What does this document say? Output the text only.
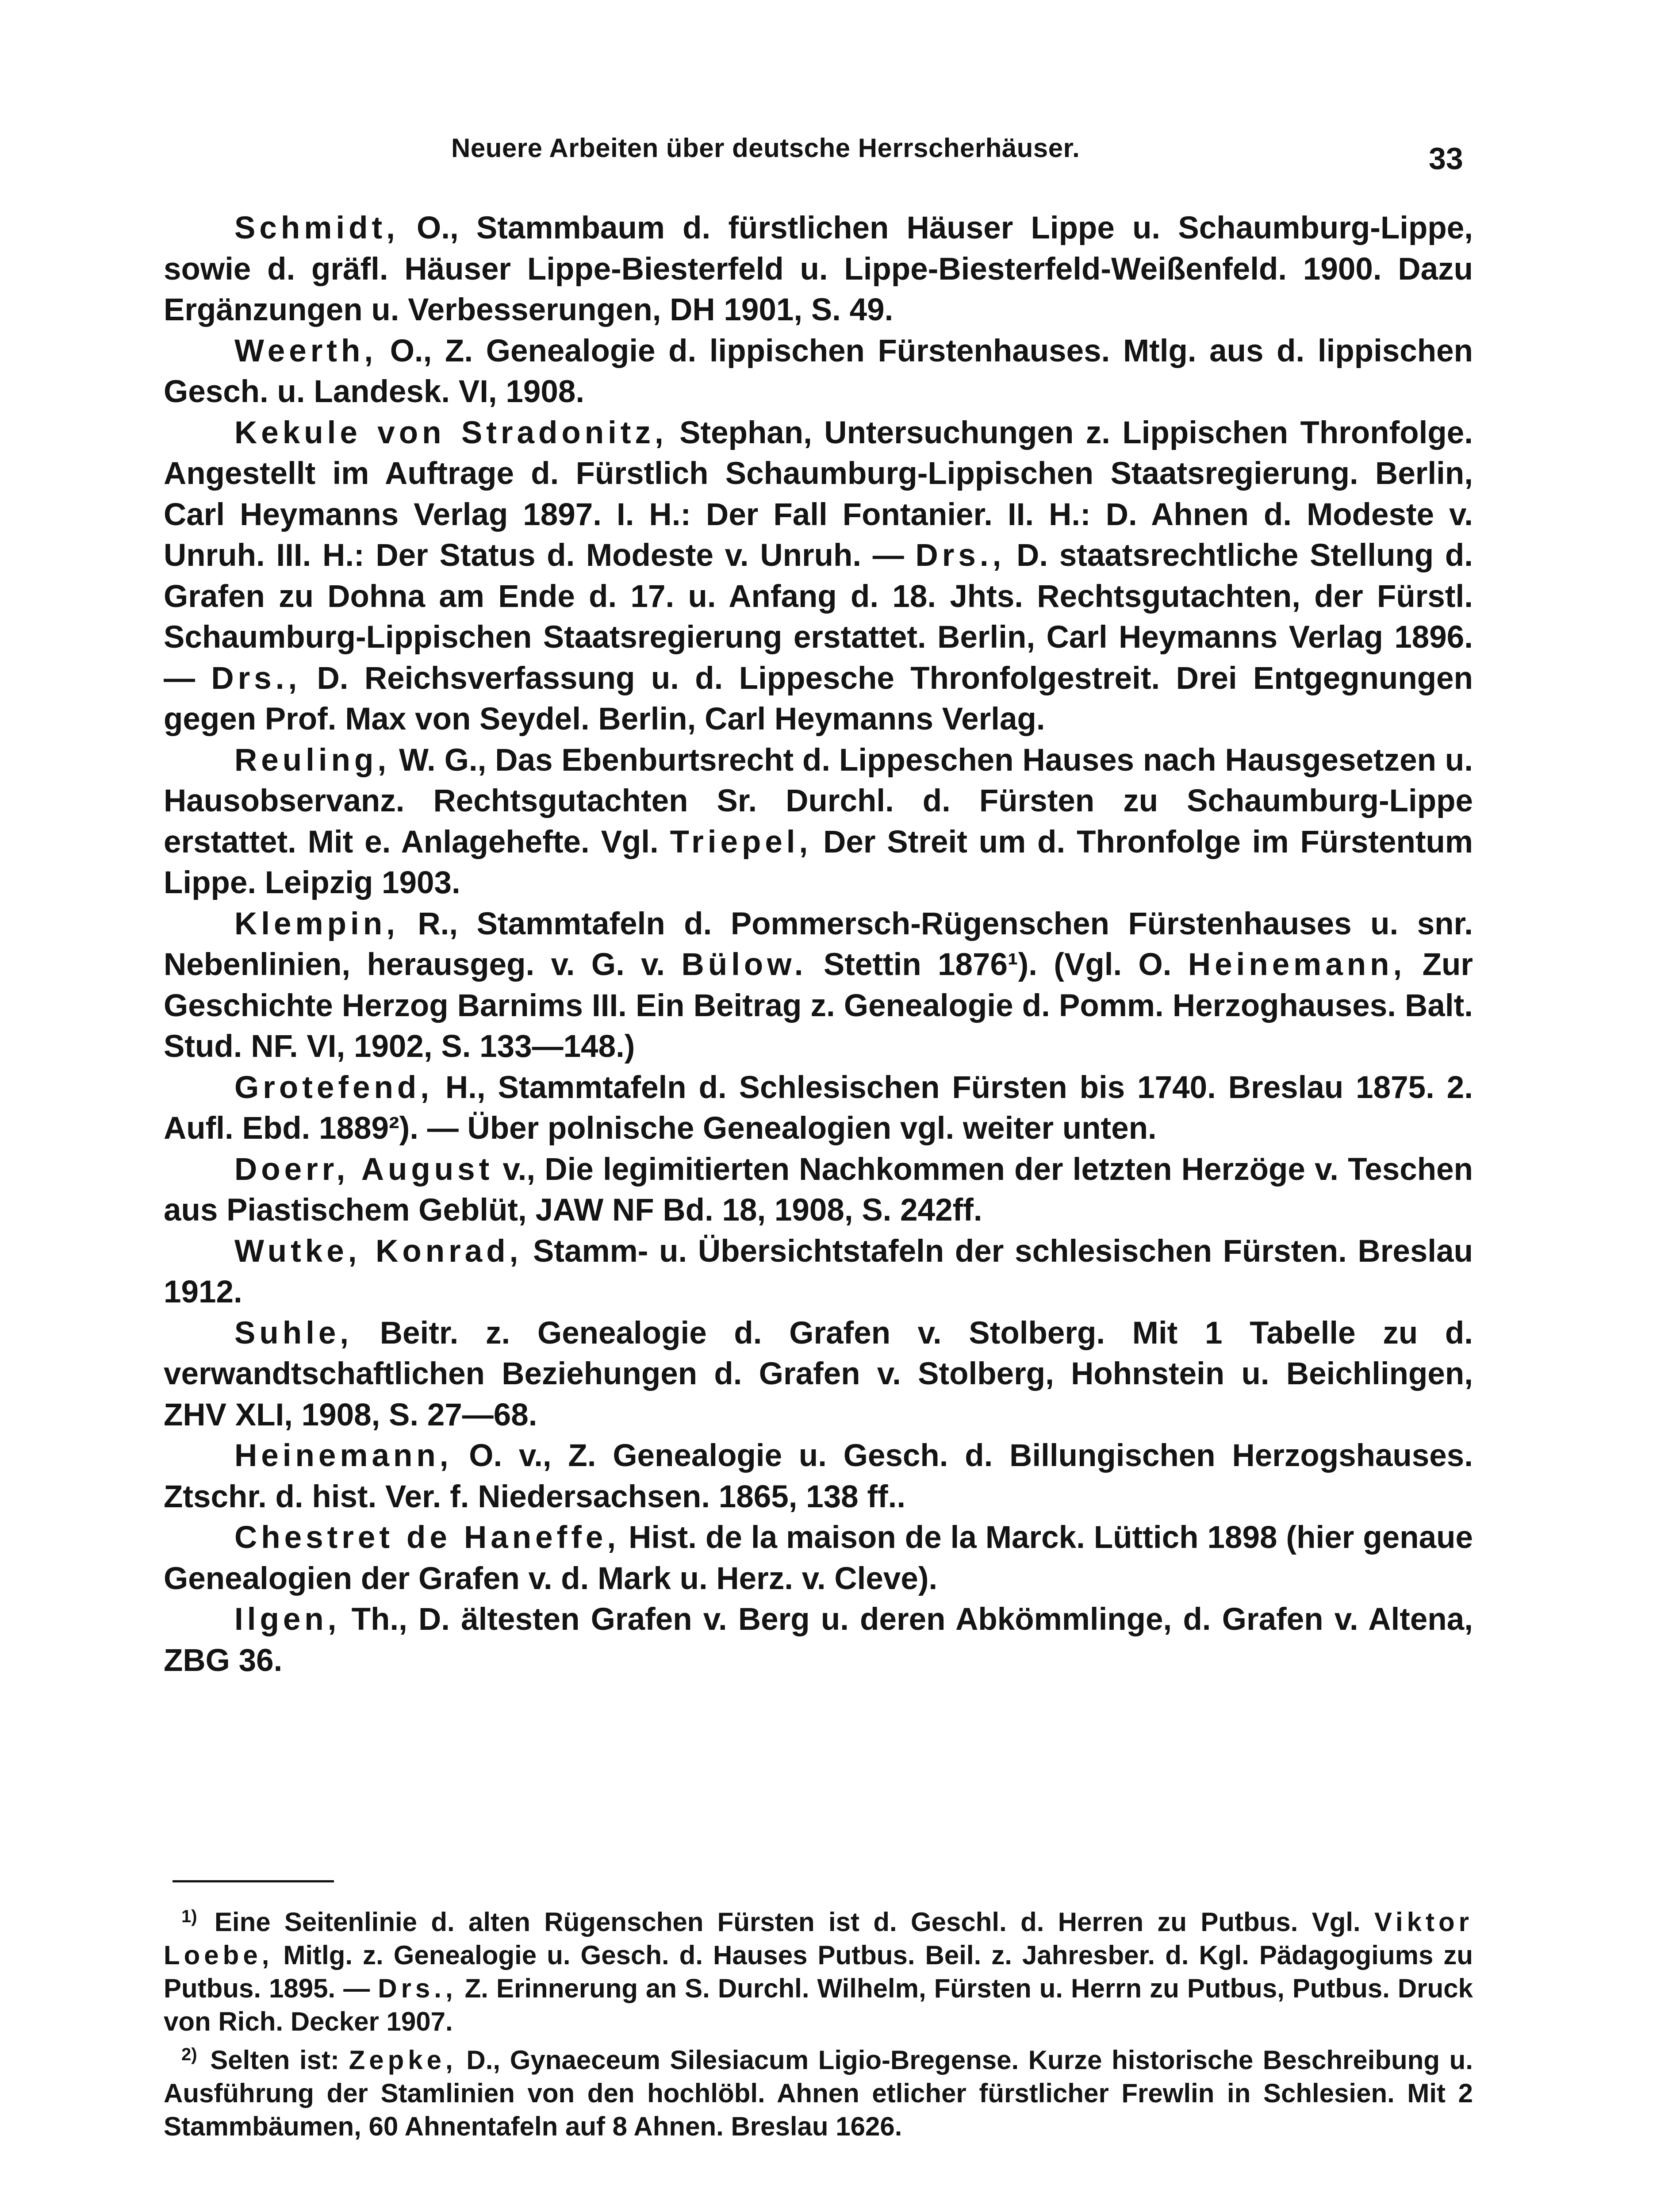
Neuere Arbeiten über deutsche Herrscherhäuser.	33

Schmidt, O., Stammbaum d. fürstlichen Häuser Lippe u. Schaumburg-Lippe, sowie d. gräfl. Häuser Lippe-Biesterfeld u. Lippe-Biesterfeld-Weißenfeld. 1900. Dazu Ergänzungen u. Verbesserungen, DH 1901, S. 49.

Weerth, O., Z. Genealogie d. lippischen Fürstenhauses. Mtlg. aus d. lippischen Gesch. u. Landesk. VI, 1908.

Kekule von Stradonitz, Stephan, Untersuchungen z. Lippischen Thronfolge. Angestellt im Auftrage d. Fürstlich Schaumburg-Lippischen Staatsregierung. Berlin, Carl Heymanns Verlag 1897. I. H.: Der Fall Fontanier. II. H.: D. Ahnen d. Modeste v. Unruh. III. H.: Der Status d. Modeste v. Unruh. — Drs., D. staatsrechtliche Stellung d. Grafen zu Dohna am Ende d. 17. u. Anfang d. 18. Jhts. Rechtsgutachten, der Fürstl. Schaumburg-Lippischen Staatsregierung erstattet. Berlin, Carl Heymanns Verlag 1896. — Drs., D. Reichsverfassung u. d. Lippesche Thronfolgestreit. Drei Entgegnungen gegen Prof. Max von Seydel. Berlin, Carl Heymanns Verlag.

Reuling, W. G., Das Ebenburtsrecht d. Lippeschen Hauses nach Hausgesetzen u. Hausobservanz. Rechtsgutachten Sr. Durchl. d. Fürsten zu Schaumburg-Lippe erstattet. Mit e. Anlagehefte. Vgl. Triepel, Der Streit um d. Thronfolge im Fürstentum Lippe. Leipzig 1903.

Klempin, R., Stammtafeln d. Pommersch-Rügenschen Fürstenhauses u. snr. Nebenlinien, herausgeg. v. G. v. Bülow. Stettin 1876¹). (Vgl. O. Heinemann, Zur Geschichte Herzog Barnims III. Ein Beitrag z. Genealogie d. Pomm. Herzoghauses. Balt. Stud. NF. VI, 1902, S. 133—148.)

Grotefend, H., Stammtafeln d. Schlesischen Fürsten bis 1740. Breslau 1875. 2. Aufl. Ebd. 1889²). — Über polnische Genealogien vgl. weiter unten.

Doerr, August v., Die legimitierten Nachkommen der letzten Herzöge v. Teschen aus Piastischem Geblüt, JAW NF Bd. 18, 1908, S. 242ff.

Wutke, Konrad, Stamm- u. Übersichtstafeln der schlesischen Fürsten. Breslau 1912.

Suhle, Beitr. z. Genealogie d. Grafen v. Stolberg. Mit 1 Tabelle zu d. verwandtschaftlichen Beziehungen d. Grafen v. Stolberg, Hohnstein u. Beichlingen, ZHV XLI, 1908, S. 27—68.

Heinemann, O. v., Z. Genealogie u. Gesch. d. Billungischen Herzogshauses. Ztschr. d. hist. Ver. f. Niedersachsen. 1865, 138 ff..

Chestret de Haneffe, Hist. de la maison de la Marck. Lüttich 1898 (hier genaue Genealogien der Grafen v. d. Mark u. Herz. v. Cleve).

Ilgen, Th., D. ältesten Grafen v. Berg u. deren Abkömmlinge, d. Grafen v. Altena, ZBG 36.

$^{1)}$ Eine Seitenlinie d. alten Rügenschen Fürsten ist d. Geschl. d. Herren zu Putbus. Vgl. Viktor Loebe, Mitlg. z. Genealogie u. Gesch. d. Hauses Putbus. Beil. z. Jahresber. d. Kgl. Pädagogiums zu Putbus. 1895. — Drs., Z. Erinnerung an S. Durchl. Wilhelm, Fürsten u. Herrn zu Putbus, Putbus. Druck von Rich. Decker 1907.

$^{2)}$ Selten ist: Zepke, D., Gynaeceum Silesiacum Ligio-Bregense. Kurze historische Beschreibung u. Ausführung der Stamlinien von den hochlöbl. Ahnen etlicher fürstlicher Frewlin in Schlesien. Mit 2 Stammbäumen, 60 Ahnentafeln auf 8 Ahnen. Breslau 1626.
